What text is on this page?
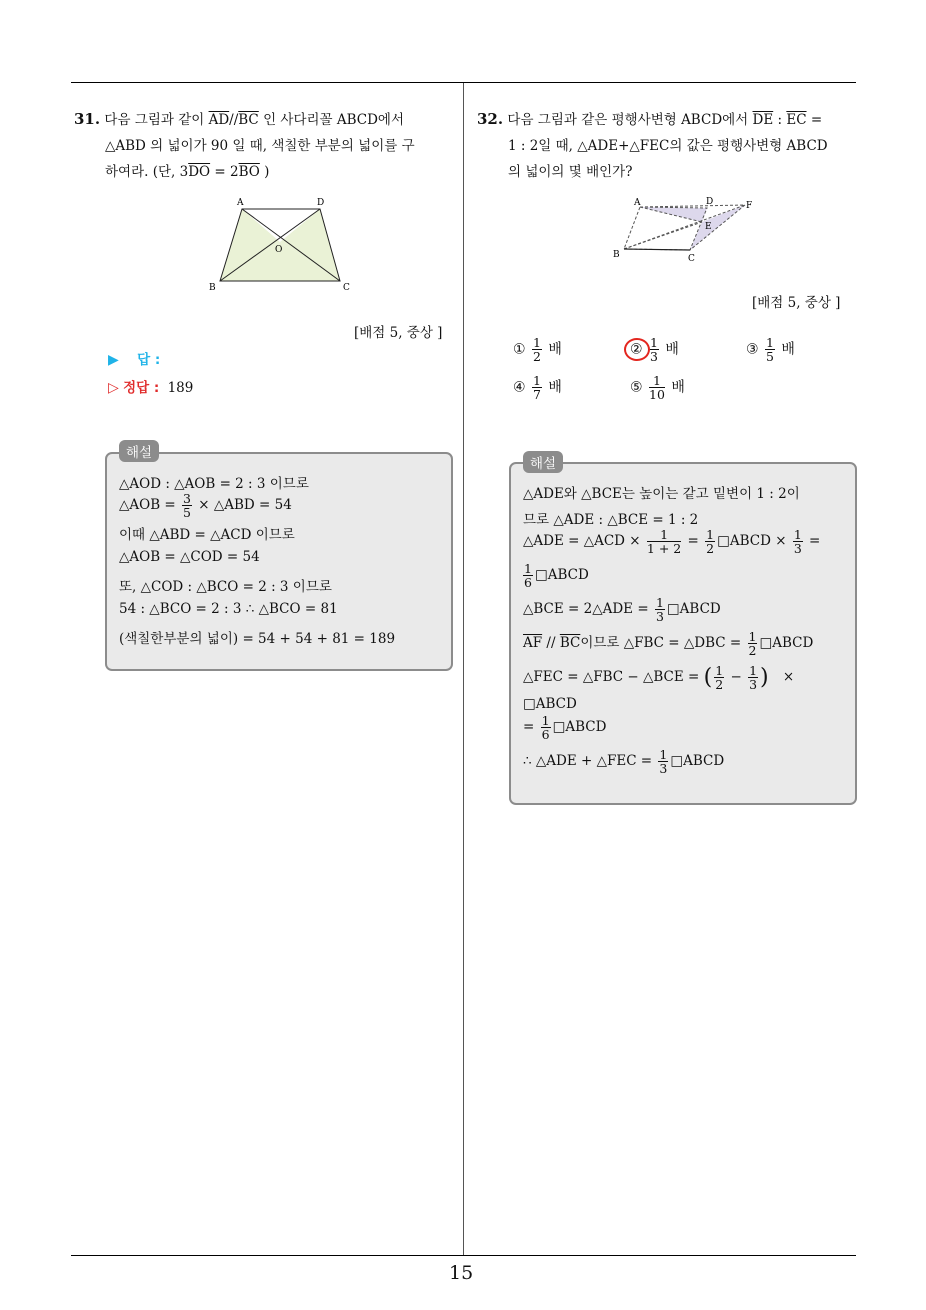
15
31. 다음 그림과 같이 $\overline{AD}//\overline{BC}$ 인 사다리꼴 ABCD에서
△ABD 의 넓이가 90 일 때, 색칠한 부분의 넓이를 구
하여라. (단, $3\overline{DO} = 2\overline{BO}$ )
A	D
O
B	C
[배점 5, 중상 ]
▶ 답 :
▷ 정답 : 189
△AOD : △AOB = 2 : 3 이므로
△AOB = $\frac{3}{5}$ × △ABD = 54
이때 △ABD = △ACD 이므로
△AOB = △COD = 54
또, △COD : △BCO = 2 : 3 이므로
54 : △BCO = 2 : 3 ∴ △BCO = 81
(색칠한부분의 넓이) = 54 + 54 + 81 = 189
해설
32. 다음 그림과 같은 평행사변형 ABCD에서 $\overline{DE}$ : $\overline{EC}$ =
1 : 2일 때, △ADE+△FEC의 값은 평행사변형 ABCD
의 넓이의 몇 배인가?
A	D	F
E
B	C
[배점 5, 중상 ]
① $\frac{1}{2}$ 배	② $\frac{1}{3}$ 배	③ $\frac{1}{5}$ 배
④ $\frac{1}{7}$ 배	⑤ $\frac{1}{10}$ 배
△ADE와 △BCE는 높이는 같고 밑변이 1 : 2이
므로 △ADE : △BCE = 1 : 2
△ADE = △ACD × $\frac{1}{1 + 2} = \frac{1}{2}$ □ABCD × $\frac{1}{3}$ =
$\frac{1}{6}$ □ABCD
△BCE = 2△ADE = $\frac{1}{3}$ □ABCD
$\overline{AF} // \overline{BC}$이므로 △FBC = △DBC = $\frac{1}{2}$ □ABCD
△FEC = △FBC − △BCE = ( $\frac{1}{2} - \frac{1}{3}$ ) ×
□ABCD
= $\frac{1}{6}$ □ABCD
∴ △ADE + △FEC = $\frac{1}{3}$ □ABCD
해설
